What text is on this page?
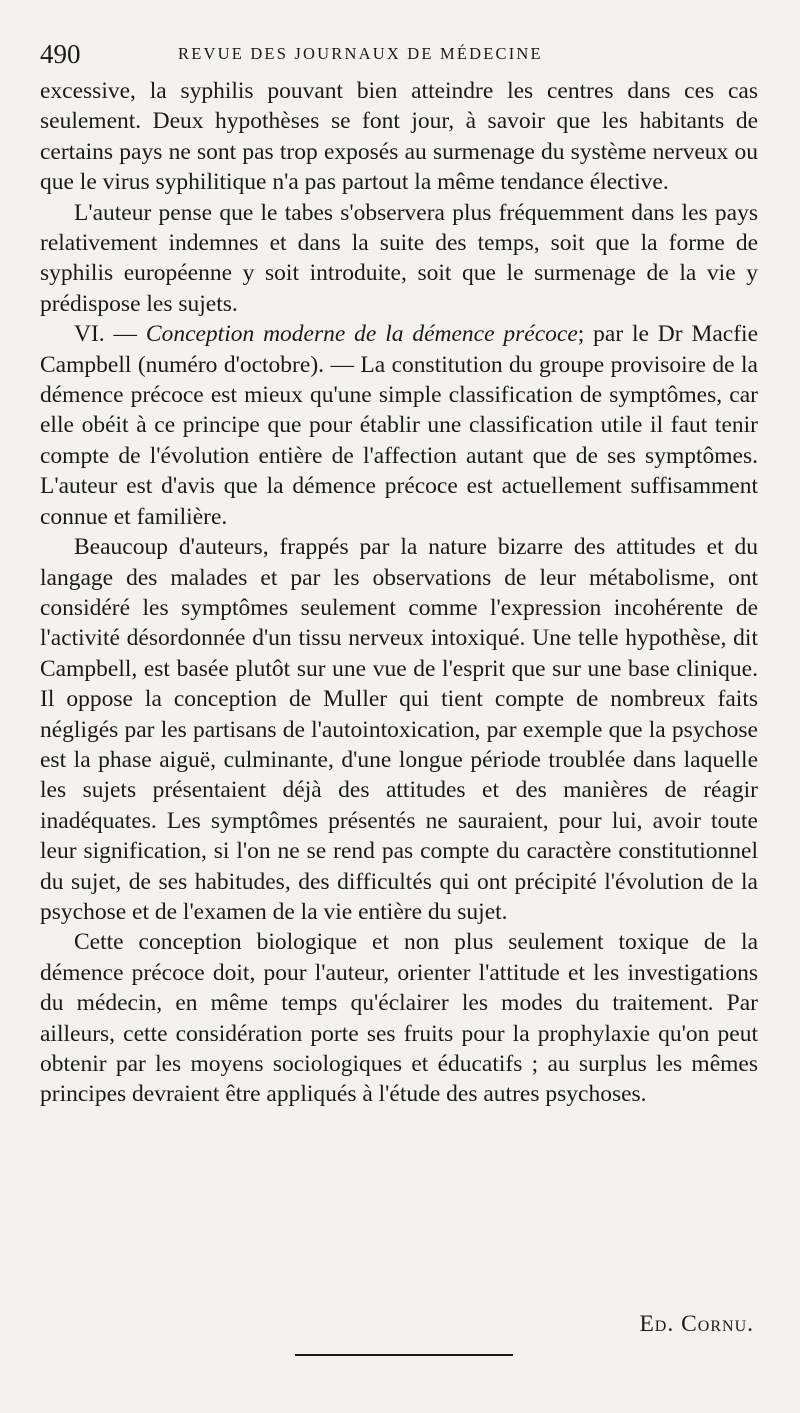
490	REVUE DES JOURNAUX DE MÉDECINE

excessive, la syphilis pouvant bien atteindre les centres dans ces cas seulement. Deux hypothèses se font jour, à savoir que les habitants de certains pays ne sont pas trop exposés au surmenage du système nerveux ou que le virus syphilitique n'a pas partout la même tendance élective.

L'auteur pense que le tabes s'observera plus fréquemment dans les pays relativement indemnes et dans la suite des temps, soit que la forme de syphilis européenne y soit introduite, soit que le surmenage de la vie y prédispose les sujets.

VI. — Conception moderne de la démence précoce; par le Dr Macfie Campbell (numéro d'octobre). — La constitution du groupe provisoire de la démence précoce est mieux qu'une simple classification de symptômes, car elle obéit à ce principe que pour établir une classification utile il faut tenir compte de l'évolution entière de l'affection autant que de ses symptômes. L'auteur est d'avis que la démence précoce est actuellement suffisamment connue et familière.

Beaucoup d'auteurs, frappés par la nature bizarre des attitudes et du langage des malades et par les observations de leur métabolisme, ont considéré les symptômes seulement comme l'expression incohérente de l'activité désordonnée d'un tissu nerveux intoxiqué. Une telle hypothèse, dit Campbell, est basée plutôt sur une vue de l'esprit que sur une base clinique. Il oppose la conception de Muller qui tient compte de nombreux faits négligés par les partisans de l'autointoxication, par exemple que la psychose est la phase aiguë, culminante, d'une longue période troublée dans laquelle les sujets présentaient déjà des attitudes et des manières de réagir inadéquates. Les symptômes présentés ne sauraient, pour lui, avoir toute leur signification, si l'on ne se rend pas compte du caractère constitutionnel du sujet, de ses habitudes, des difficultés qui ont précipité l'évolution de la psychose et de l'examen de la vie entière du sujet.

Cette conception biologique et non plus seulement toxique de la démence précoce doit, pour l'auteur, orienter l'attitude et les investigations du médecin, en même temps qu'éclairer les modes du traitement. Par ailleurs, cette considération porte ses fruits pour la prophylaxie qu'on peut obtenir par les moyens sociologiques et éducatifs ; au surplus les mêmes principes devraient être appliqués à l'étude des autres psychoses.

Ed. Cornu.
